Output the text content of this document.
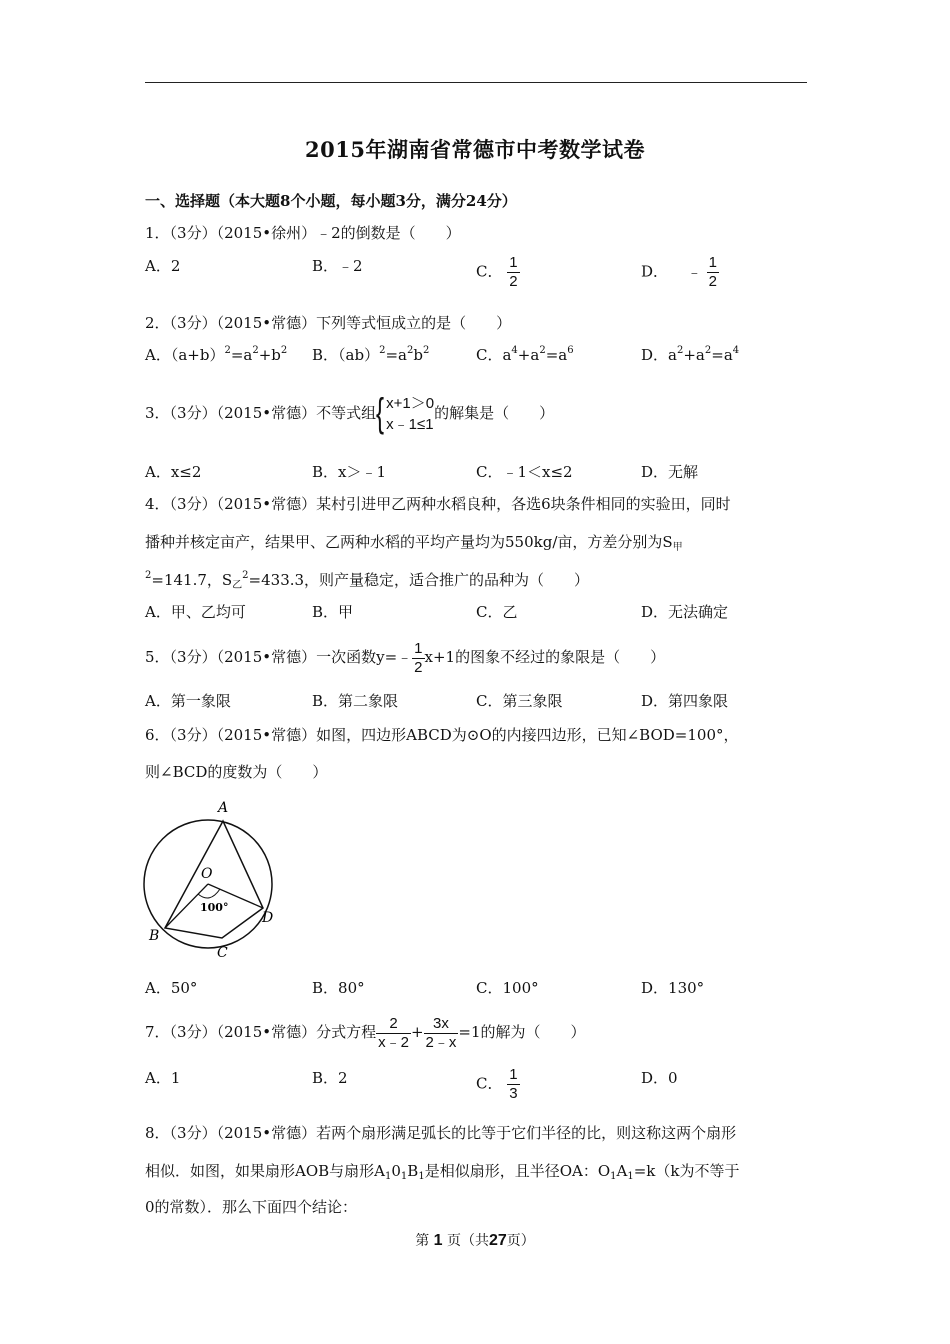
2015年湖南省常德市中考数学试卷
一、选择题（本大题8个小题，每小题3分，满分24分）
1．（3分）（2015•徐州）﹣2的倒数是（　　）
A．2	B．﹣2	C． $\frac{1}{2}$	D． ﹣ $\frac{1}{2}$
2．（3分）（2015•常德）下列等式恒成立的是（　　）
A．$(a+b)^2=a^2+b^2$ B．$(ab)^2=a^2b^2$	C．$a^4+a^2=a^6$	D．$a^2+a^2=a^4$
3．（3分）（2015•常德）不等式组 { x+1＞0
x﹣1≤1
的解集是（　　）
A．x≤2	B．x＞﹣1	C．﹣1＜x≤2	D．无解
4．（3分）（2015•常德）某村引进甲乙两种水稻良种，各选6块条件相同的实验田，同时
播种并核定亩产，结果甲、乙两种水稻的平均产量均为550kg/亩，方差分别为$S_甲$
$^2$=141.7，$S_乙^2=433.3$，则产量稳定，适合推广的品种为（　　）
A．甲、乙均可	B．甲	C．乙	D．无法确定
5．（3分）（2015•常德）一次函数y=﹣ $\frac{1}{2} x+1$的图象不经过的象限是（　　）
A．第一象限	B．第二象限	C．第三象限	D．第四象限
6．（3分）（2015•常德）如图，四边形ABCD为⊙O的内接四边形，已知∠BOD=100°，
则∠BCD的度数为（　　）
A
B
C
D
O
100°
A．50°	B．80°	C．100°	D．130°
7．（3分）（2015•常德）分式方程 $\frac{2}{x﹣2} + \frac{3x}{2﹣x} =1$的解为（　　）
A．1	B．2	C． $\frac{1}{3}$	D．0
8．（3分）（2015•常德）若两个扇形满足弧长的比等于它们半径的比，则这称这两个扇形
相似．如图，如果扇形AOB与扇形$A_10_1B_1$是相似扇形，且半径OA：$O_1A_1=k(k$为不等于
0的常数）．那么下面四个结论：
第 1 页（共27页）
